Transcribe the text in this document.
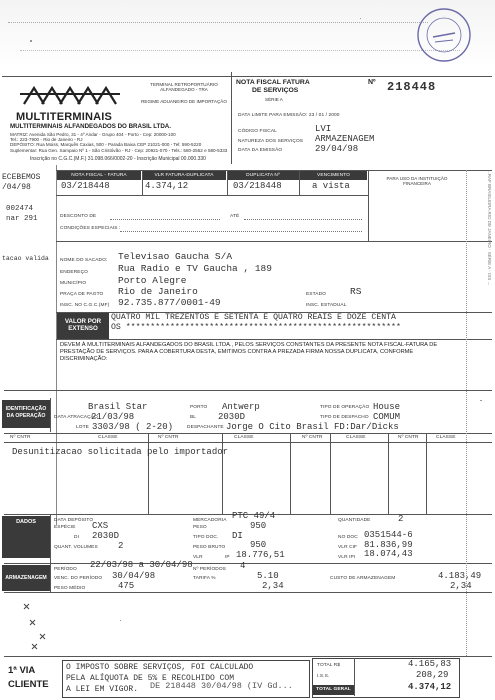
MULTITERMINAIS
MULTITERMINAIS ALFANDEGADOS DO BRASIL LTDA.
MATRIZ: Avenida São Pedro, 31 - 4º Andar - Grupo 404 - Porto - Cep: 20000-100
Tel.: 223-7900 - Rio de Janeiro - RJ
DEPÓSITO: Rua Moiss, Marquês Caxias, 500 - Parada Baixa CEP 21021-000 - Tel: 590-5220
Suplementar: Rua Gen. Sampaio Nº 1 - São Cristóvão - RJ - Cep: 20921-070 - Tels.: 580-2552 e 580-5333
Inscrição no C.G.C.(M.F.) 31.098.066/0002-20 - Inscrição Municipal 00.000.330
TERMINAL RETROPORTUÁRIO ALFANDEGADO - TRA
REGIME ADUANEIRO DE IMPORTAÇÃO
NOTA FISCAL FATURA
DE SERVIÇOS
SÉRIE A
Nº 218448
DATA LIMITE PARA EMISSÃO: 23 / 01 / 2000
CÓDIGO FISCAL	LVI
NATUREZA DOS SERVIÇOS ARMAZENAGEM
DATA DA EMISSÃO	29/04/98
ECEBEMOS
/04/98
002474
nar 291
tacao valida
NOTA FISCAL - FATURA	VLR FATURA-DUPLICATA	DUPLICATA Nº	VENCIMENTO
03/218448	4.374,12	03/218448	a vista
PARA USO DA INSTITUIÇÃO FINANCEIRA
DESCONTO DE	ATÉ
CONDIÇÕES ESPECIAIS :
NOME DO SACADO: Televisao Gaucha S/A
ENDEREÇO	Rua Radio e TV Gaucha , 189
MUNICÍPIO	Porto Alegre
PRAÇA DE PAGTO Rio de Janeiro	ESTADO	RS
INSC. NO C.G.C.(MF) 92.735.877/0001-49	INSC. ESTADUAL
VALOR POR
EXTENSO
QUATRO MIL TREZENTOS E SETENTA E QUATRO REAIS E DOZE CENTA
OS ********************************************************
DEVEM À MULTITERMINAIS ALFANDEGADOS DO BRASIL LTDA., PELOS SERVIÇOS CONSTANTES DA PRESENTE NOTA FISCAL-FATURA DE PRESTAÇÃO DE SERVIÇOS. PARA A COBERTURA DESTA, EMITIMOS CONTRA A PREZADA FIRMA NOSSA DUPLICATA, CONFORME DISCRIMINAÇÃO:
IDENTIFICAÇÃO DA OPERAÇÃO
Brasil Star	PORTO Antwerp	TIPO DE OPERAÇÃO House
DATA ATRACAÇÃO
21/03/98	BL 2030D	TIPO DE DESPACHO COMUM
LOTE 3303/98 ( 2-20)	DESPACHANTE Jorge O Cito Brasil FD:Dar/Dicks
Nº CNTR	CLASSE	Nº CNTR	CLASSE	Nº CNTR	CLASSE	Nº CNTR	CLASSE
Desunitizacao solicitada pelo importador
DADOS	DATA DEPÓSITO	MERCADORIA PTC 49/4	QUANTIDADE	2
ESPÉCIE CXS	PESO	950
DI 2030D	TIPO DOC. DI	NO DOC 0351544-6
QUANT. VOLUMES 2	PESO BRUTO	950	VLR CIF 81.836,99
VLR	IP 18.776,51	VLR IPI 18.074,43
ARMAZENAGEM
PERÍODO 22/03/98 a 30/04/98 Nº PERÍODOS 4
VENC. DO PERÍODO 30/04/98	TARIFA %	5.10	CUSTO DE ARMAZENAGEM	4.183,49
PESO MÉDIO	475	2,34	2,34
1ª VIA
CLIENTE
O IMPOSTO SOBRE SERVIÇOS, FOI CALCULADO
PELA ALÍQUOTA DE 5% E RECOLHIDO COM
A LEI EM VIGOR.	DE 218448 30/04/98 (IV Gd...
TOTAL R$	4.165,83
I.S.S.	208,29
TOTAL GERAL	4.374,12
...RAF BRASILEIRA RIO DE JANEIRO · SÉRIE A · ISS ...
